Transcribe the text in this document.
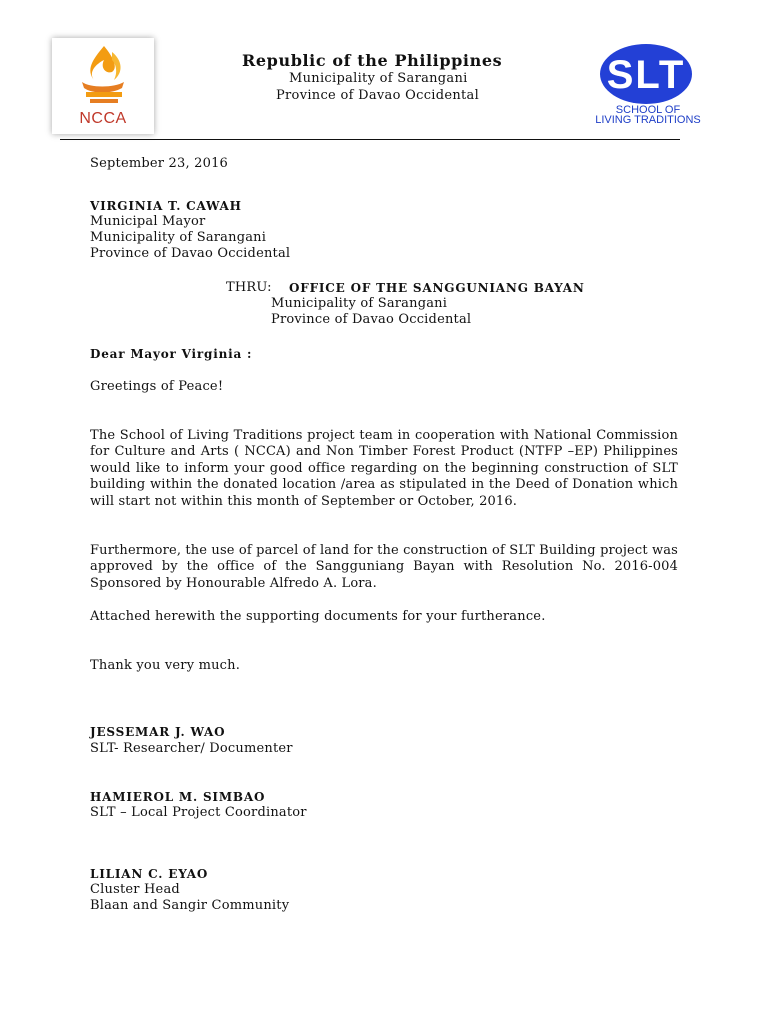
NCCA
Republic of the Philippines
Municipality of Sarangani
Province of Davao Occidental	SLT
SCHOOL OF
LIVING TRADITIONS
September 23, 2016
VIRGINIA T. CAWAH
Municipal Mayor
Municipality of Sarangani
Province of Davao Occidental
THRU: OFFICE OF THE SANGGUNIANG BAYAN
Municipality of Sarangani
Province of Davao Occidental
Dear Mayor Virginia :
Greetings of Peace!
The School of Living Traditions project team in cooperation with National Commission for Culture and Arts ( NCCA) and Non Timber Forest Product (NTFP –EP) Philippines would like to inform your good office regarding on the beginning construction of SLT building within the donated location /area as stipulated in the Deed of Donation which will start not within this month of September or October, 2016.
Furthermore, the use of parcel of land for the construction of SLT Building project was approved by the office of the Sangguniang Bayan with Resolution No. 2016-004 Sponsored by Honourable Alfredo A. Lora.
Attached herewith the supporting documents for your furtherance.
Thank you very much.
JESSEMAR J. WAO
SLT- Researcher/ Documenter
HAMIEROL M. SIMBAO
SLT – Local Project Coordinator
LILIAN C. EYAO
Cluster Head
Blaan and Sangir Community
